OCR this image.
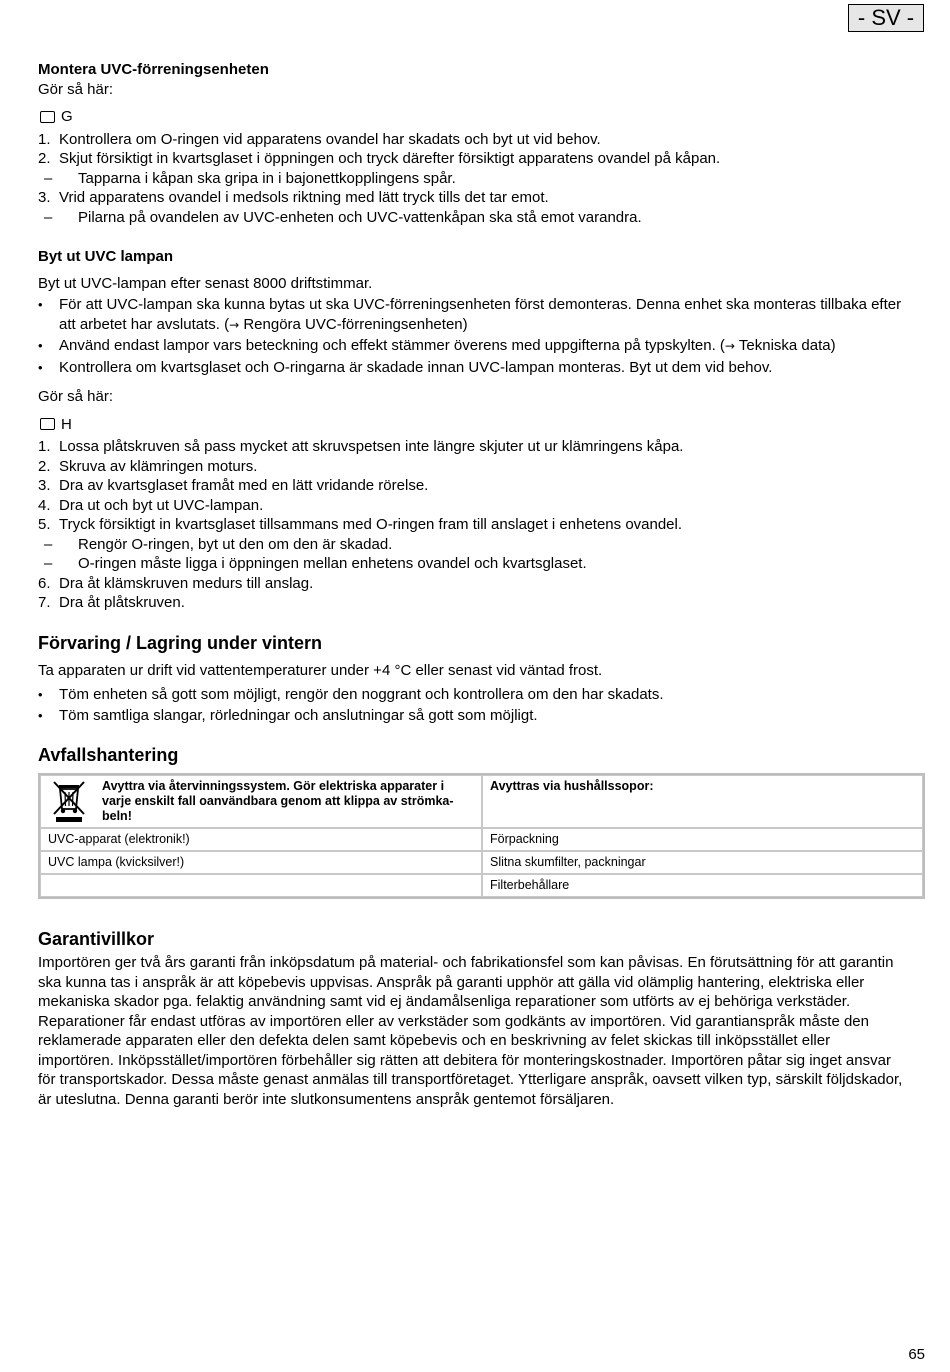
- SV -

Montera UVC-förreningsenheten

Gör så här:

G
1. Kontrollera om O-ringen vid apparatens ovandel har skadats och byt ut vid behov.
2. Skjut försiktigt in kvartsglaset i öppningen och tryck därefter försiktigt apparatens ovandel på kåpan.
– Tapparna i kåpan ska gripa in i bajonettkopplingens spår.
3. Vrid apparatens ovandel i medsols riktning med lätt tryck tills det tar emot.
– Pilarna på ovandelen av UVC-enheten och UVC-vattenkåpan ska stå emot varandra.

Byt ut UVC lampan

Byt ut UVC-lampan efter senast 8000 driftstimmar.

• För att UVC-lampan ska kunna bytas ut ska UVC-förreningsenheten först demonteras. Denna enhet ska monteras tillbaka efter att arbetet har avslutats. (→ Rengöra UVC-förreningsenheten)
• Använd endast lampor vars beteckning och effekt stämmer överens med uppgifterna på typskylten. (→ Tekniska data)
• Kontrollera om kvartsglaset och O-ringarna är skadade innan UVC-lampan monteras. Byt ut dem vid behov.

Gör så här:

H
1. Lossa plåtskruven så pass mycket att skruvspetsen inte längre skjuter ut ur klämringens kåpa.
2. Skruva av klämringen moturs.
3. Dra av kvartsglaset framåt med en lätt vridande rörelse.
4. Dra ut och byt ut UVC-lampan.
5. Tryck försiktigt in kvartsglaset tillsammans med O-ringen fram till anslaget i enhetens ovandel.
– Rengör O-ringen, byt ut den om den är skadad.
– O-ringen måste ligga i öppningen mellan enhetens ovandel och kvartsglaset.
6. Dra åt klämskruven medurs till anslag.
7. Dra åt plåtskruven.

Förvaring / Lagring under vintern

Ta apparaten ur drift vid vattentemperaturer under +4 °C eller senast vid väntad frost.

• Töm enheten så gott som möjligt, rengör den noggrant och kontrollera om den har skadats.
• Töm samtliga slangar, rörledningar och anslutningar så gott som möjligt.

Avfallshantering

Avyttra via återvinningssystem. Gör elektriska apparater i varje enskilt fall oanvändbara genom att klippa av strömkabeln!	Avyttras via hushållssopor:
UVC-apparat (elektronik!)	Förpackning
UVC lampa (kvicksilver!)	Slitna skumfilter, packningar
	Filterbehållare

Garantivillkor

Importören ger två års garanti från inköpsdatum på material- och fabrikationsfel som kan påvisas. En förutsättning för att garantin ska kunna tas i anspråk är att köpebevis uppvisas. Anspråk på garanti upphör att gälla vid olämplig hantering, elektriska eller mekaniska skador pga. felaktig användning samt vid ej ändamålsenliga reparationer som utförts av ej behöriga verkstäder. Reparationer får endast utföras av importören eller av verkstäder som godkänts av importören. Vid garantianspråk måste den reklamerade apparaten eller den defekta delen samt köpebevis och en beskrivning av felet skickas till inköpsstället eller importören. Inköpsstället/importören förbehåller sig rätten att debitera för monteringskostnader. Importören påtar sig inget ansvar för transportskador. Dessa måste genast anmälas till transportföretaget. Ytterligare anspråk, oavsett vilken typ, särskilt följdskador, är uteslutna. Denna garanti berör inte slutkonsumentens anspråk gentemot försäljaren.

65
